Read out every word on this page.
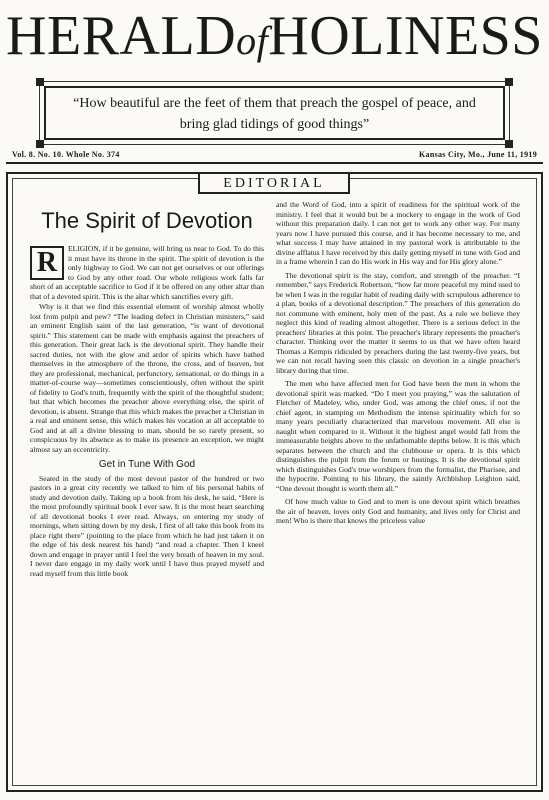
HERALDofHOLINESS
“How beautiful are the feet of them that preach the gospel of peace, and
bring glad tidings of good things”
Vol. 8. No. 10. Whole No. 374	Kansas City, Mo., June 11, 1919
EDITORIAL
The Spirit of Devotion

R	ELIGION, if it be genuine, will bring us near to God. To do this it must have its throne in the spirit. The spirit of devotion is the only highway to God. We can not get ourselves or our offerings to God by any other road. Our whole religious work falls far short of an acceptable sacrifice to God if it be offered on any other altar than that of a devoted spirit. This is the altar which sanctifies every gift.

Why is it that we find this essential element of worship almost wholly lost from pulpit and pew? “The leading defect in Christian ministers,” said an eminent English saint of the last generation, “is want of devotional spirit.” This statement can be made with emphasis against the preachers of this generation. Their great lack is the devotional spirit. They handle their sacred duties, not with the glow and ardor of spirits which have bathed themselves in the atmosphere of the throne, the cross, and of heaven, but they are professional, mechanical, perfunctory, sensational, or do things in a matter-of-course way—sometimes conscientiously, often without the spirit of fidelity to God's truth, frequently with the spirit of the thoughtful student; but that which becomes the preacher above everything else, the spirit of devotion, is absent. Strange that this which makes the preacher a Christian in a real and eminent sense, this which makes his vocation at all acceptable to God and at all a divine blessing to man, should be so rarely present, so conspicuous by its absence as to make its presence an exception, we might almost say an eccentricity.

Get in Tune With God

Seated in the study of the most devout pastor of the hundred or two pastors in a great city recently we talked to him of his personal habits of study and devotion daily. Taking up a book from his desk, he said, “Here is the most profoundly spiritual book I ever saw. It is the most heart searching of all devotional books I ever read. Always, on entering my study of mornings, when sitting down by my desk, I first of all take this book from its place right there” (pointing to the place from which he had just taken it on the edge of his desk nearest his hand) “and read a chapter. Then I kneel down and engage in prayer until I feel the very breath of heaven in my soul. I never dare engage in my daily work until I have thus prayed myself and read myself from this little book

and the Word of God, into a spirit of readiness for the spiritual work of the ministry. I feel that it would but be a mockery to engage in the work of God without this preparation daily. I can not get to work any other way. For many years now I have pursued this course, and it has become necessary to me, and what success I may have attained in my pastoral work is attributable to the divine afflatus I have received by this daily getting myself in tune with God and in a frame wherein I can do His work in His way and for His glory alone.”

The devotional spirit is the stay, comfort, and strength of the preacher. “I remember,” says Frederick Robertson, “how far more peaceful my mind used to be when I was in the regular habit of reading daily with scrupulous adherence to a plan, books of a devotional description.” The preachers of this generation do not commune with eminent, holy men of the past. As a rule we believe they neglect this kind of reading almost altogether. There is a serious defect in the preachers' libraries at this point. The preacher's library represents the preacher's character. Thinking over the matter it seems to us that we have often heard Thomas a Kempis ridiculed by preachers during the last twenty-five years, but we can not recall having seen this classic on devotion in a single preacher's library during that time.

The men who have affected men for God have been the men in whom the devotional spirit was marked. “Do I meet you praying,” was the salutation of Fletcher of Madeley, who, under God, was among the chief ones, if not the chief agent, in stamping on Methodism the intense spirituality which for so many years peculiarly characterized that marvelous movement. All else is naught when compared to it. Without it the highest angel would fall from the immeasurable heights above to the unfathomable depths below. It is this which separates between the church and the clubhouse or opera. It is this which distinguishes the pulpit from the forum or hustings. It is the devotional spirit which distinguishes God's true worshipers from the formalist, the Pharisee, and the hypocrite. Pointing to his library, the saintly Archbishop Leighton said, “One devout thought is worth them all.”

Of how much value to God and to men is one devout spirit which breathes the air of heaven, loves only God and humanity, and lives only for Christ and men! Who is there that knows the priceless value
